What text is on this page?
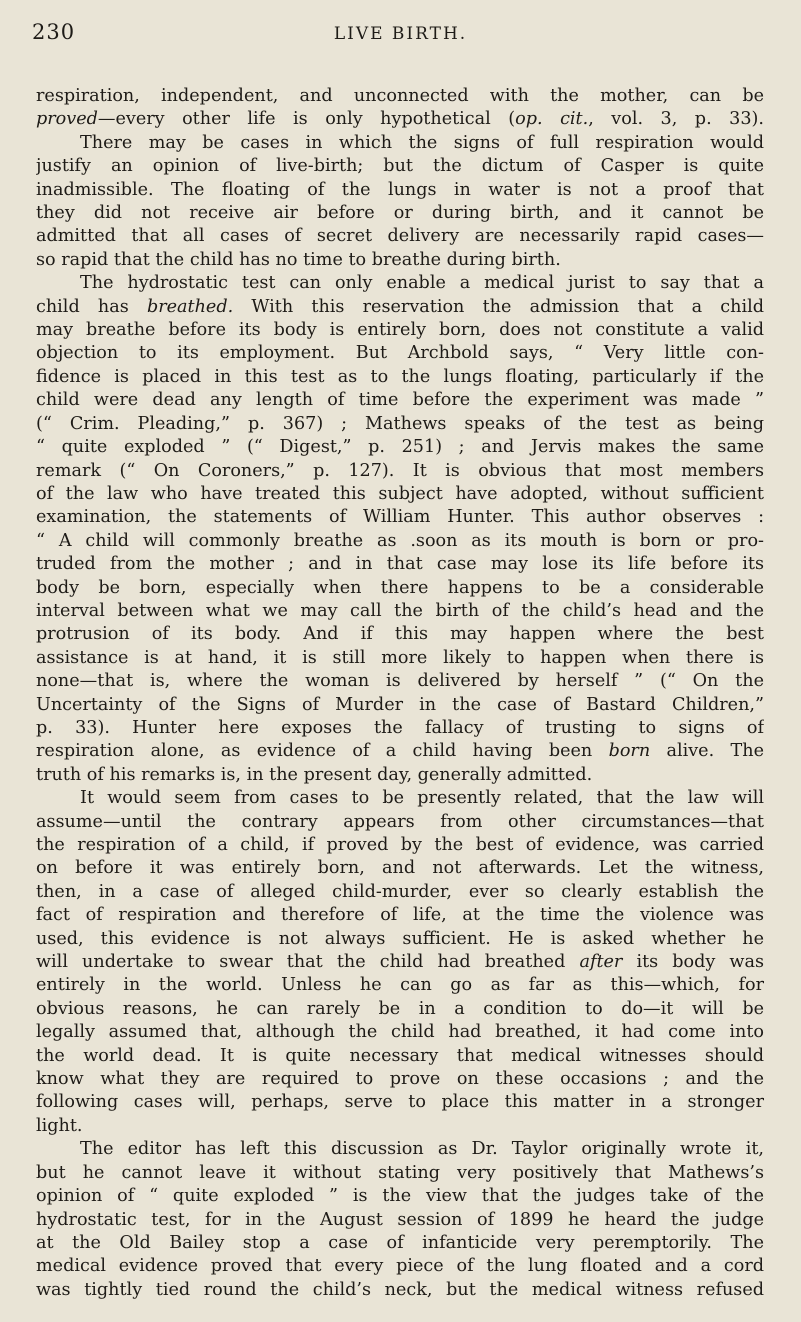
230	LIVE BIRTH.
respiration, independent, and unconnected with the mother, can be
proved—every other life is only hypothetical (op. cit., vol. 3, p. 33).
There may be cases in which the signs of full respiration would
justify an opinion of live-birth; but the dictum of Casper is quite
inadmissible. The floating of the lungs in water is not a proof that
they did not receive air before or during birth, and it cannot be
admitted that all cases of secret delivery are necessarily rapid cases—
so rapid that the child has no time to breathe during birth.
The hydrostatic test can only enable a medical jurist to say that a
child has breathed. With this reservation the admission that a child
may breathe before its body is entirely born, does not constitute a valid
objection to its employment. But Archbold says, “ Very little con-
fidence is placed in this test as to the lungs floating, particularly if the
child were dead any length of time before the experiment was made ”
(“ Crim. Pleading,” p. 367) ; Mathews speaks of the test as being
“ quite exploded ” (“ Digest,” p. 251) ; and Jervis makes the same
remark (“ On Coroners,” p. 127). It is obvious that most members
of the law who have treated this subject have adopted, without sufficient
examination, the statements of William Hunter. This author observes :
“ A child will commonly breathe as .soon as its mouth is born or pro-
truded from the mother ; and in that case may lose its life before its
body be born, especially when there happens to be a considerable
interval between what we may call the birth of the child’s head and the
protrusion of its body. And if this may happen where the best
assistance is at hand, it is still more likely to happen when there is
none—that is, where the woman is delivered by herself ” (“ On the
Uncertainty of the Signs of Murder in the case of Bastard Children,”
p. 33). Hunter here exposes the fallacy of trusting to signs of
respiration alone, as evidence of a child having been born alive. The
truth of his remarks is, in the present day, generally admitted.
It would seem from cases to be presently related, that the law will
assume—until the contrary appears from other circumstances—that
the respiration of a child, if proved by the best of evidence, was carried
on before it was entirely born, and not afterwards. Let the witness,
then, in a case of alleged child-murder, ever so clearly establish the
fact of respiration and therefore of life, at the time the violence was
used, this evidence is not always sufficient. He is asked whether he
will undertake to swear that the child had breathed after its body was
entirely in the world. Unless he can go as far as this—which, for
obvious reasons, he can rarely be in a condition to do—it will be
legally assumed that, although the child had breathed, it had come into
the world dead. It is quite necessary that medical witnesses should
know what they are required to prove on these occasions ; and the
following cases will, perhaps, serve to place this matter in a stronger
light.
The editor has left this discussion as Dr. Taylor originally wrote it,
but he cannot leave it without stating very positively that Mathews’s
opinion of “ quite exploded ” is the view that the judges take of the
hydrostatic test, for in the August session of 1899 he heard the judge
at the Old Bailey stop a case of infanticide very peremptorily. The
medical evidence proved that every piece of the lung floated and a cord
was tightly tied round the child’s neck, but the medical witness refused
